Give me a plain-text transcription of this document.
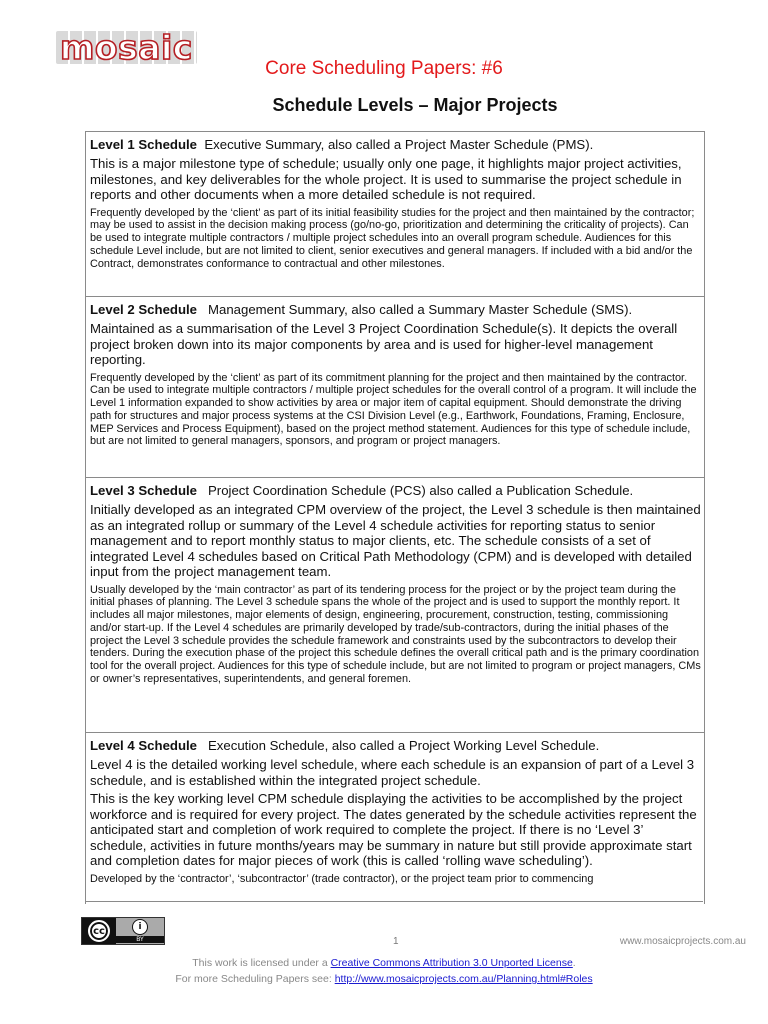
mosaic
Core Scheduling Papers: #6
Schedule Levels – Major Projects

Level 1 Schedule Executive Summary, also called a Project Master Schedule (PMS).

This is a major milestone type of schedule; usually only one page, it highlights major project activities, milestones, and key deliverables for the whole project. It is used to summarise the project schedule in reports and other documents when a more detailed schedule is not required.

Frequently developed by the ‘client’ as part of its initial feasibility studies for the project and then maintained by the contractor; may be used to assist in the decision making process (go/no-go, prioritization and determining the criticality of projects). Can be used to integrate multiple contractors / multiple project schedules into an overall program schedule. Audiences for this schedule Level include, but are not limited to client, senior executives and general managers. If included with a bid and/or the Contract, demonstrates conformance to contractual and other milestones.

Level 2 Schedule Management Summary, also called a Summary Master Schedule (SMS).

Maintained as a summarisation of the Level 3 Project Coordination Schedule(s). It depicts the overall project broken down into its major components by area and is used for higher-level management reporting.

Frequently developed by the ‘client’ as part of its commitment planning for the project and then maintained by the contractor. Can be used to integrate multiple contractors / multiple project schedules for the overall control of a program. It will include the Level 1 information expanded to show activities by area or major item of capital equipment. Should demonstrate the driving path for structures and major process systems at the CSI Division Level (e.g., Earthwork, Foundations, Framing, Enclosure, MEP Services and Process Equipment), based on the project method statement. Audiences for this type of schedule include, but are not limited to general managers, sponsors, and program or project managers.

Level 3 Schedule Project Coordination Schedule (PCS) also called a Publication Schedule.

Initially developed as an integrated CPM overview of the project, the Level 3 schedule is then maintained as an integrated rollup or summary of the Level 4 schedule activities for reporting status to senior management and to report monthly status to major clients, etc. The schedule consists of a set of integrated Level 4 schedules based on Critical Path Methodology (CPM) and is developed with detailed input from the project management team.

Usually developed by the ‘main contractor’ as part of its tendering process for the project or by the project team during the initial phases of planning. The Level 3 schedule spans the whole of the project and is used to support the monthly report. It includes all major milestones, major elements of design, engineering, procurement, construction, testing, commissioning and/or start-up. If the Level 4 schedules are primarily developed by trade/sub-contractors, during the initial phases of the project the Level 3 schedule provides the schedule framework and constraints used by the subcontractors to develop their tenders. During the execution phase of the project this schedule defines the overall critical path and is the primary coordination tool for the overall project. Audiences for this type of schedule include, but are not limited to program or project managers, CMs or owner’s representatives, superintendents, and general foremen.

Level 4 Schedule Execution Schedule, also called a Project Working Level Schedule.

Level 4 is the detailed working level schedule, where each schedule is an expansion of part of a Level 3 schedule, and is established within the integrated project schedule.

This is the key working level CPM schedule displaying the activities to be accomplished by the project workforce and is required for every project. The dates generated by the schedule activities represent the anticipated start and completion of work required to complete the project. If there is no ‘Level 3’ schedule, activities in future months/years may be summary in nature but still provide approximate start and completion dates for major pieces of work (this is called ‘rolling wave scheduling’).

Developed by the ‘contractor’, ‘subcontractor’ (trade contractor), or the project team prior to commencing

cc	i
BY	1	www.mosaicprojects.com.au
This work is licensed under a Creative Commons Attribution 3.0 Unported License.
For more Scheduling Papers see: http://www.mosaicprojects.com.au/Planning.html#Roles
